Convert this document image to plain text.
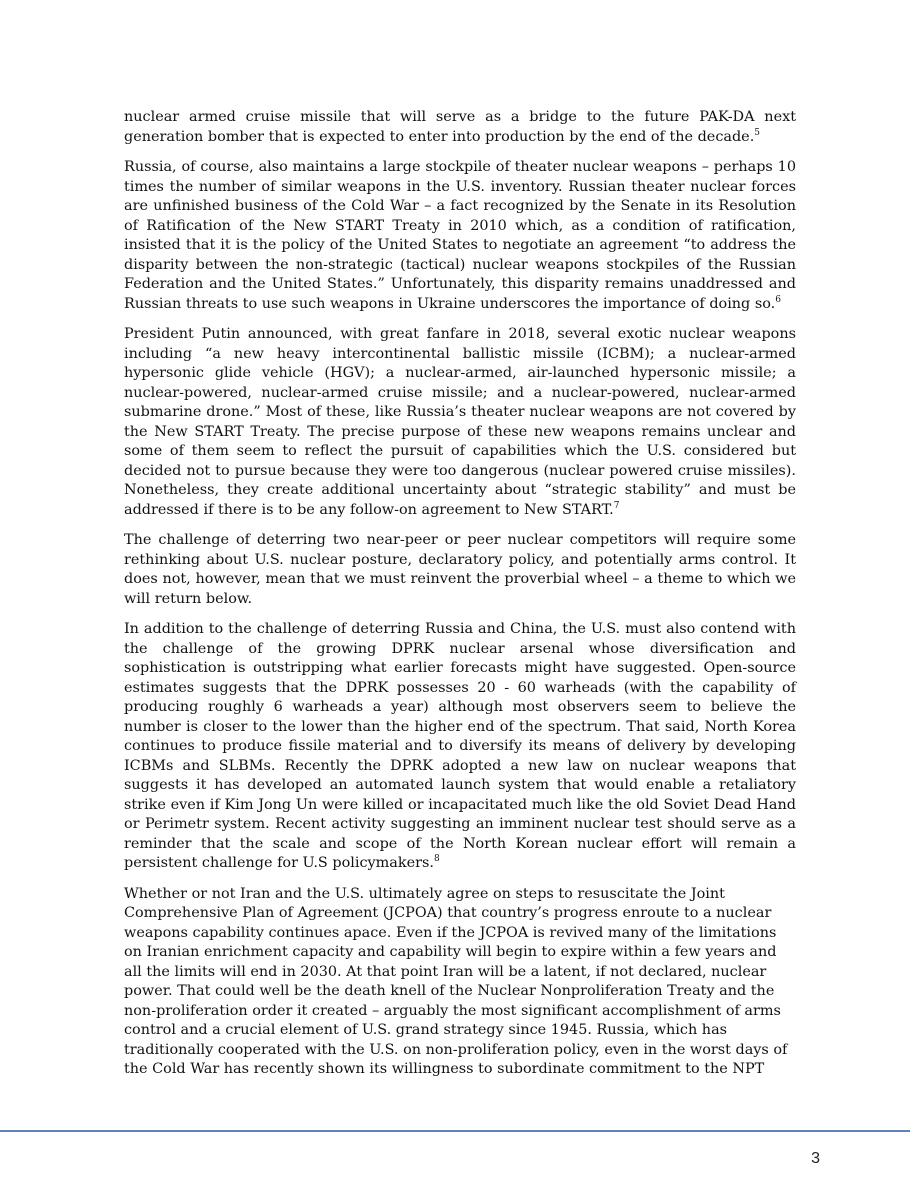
nuclear armed cruise missile that will serve as a bridge to the future PAK-DA next generation bomber that is expected to enter into production by the end of the decade.$^5$

Russia, of course, also maintains a large stockpile of theater nuclear weapons – perhaps 10 times the number of similar weapons in the U.S. inventory. Russian theater nuclear forces are unfinished business of the Cold War – a fact recognized by the Senate in its Resolution of Ratification of the New START Treaty in 2010 which, as a condition of ratification, insisted that it is the policy of the United States to negotiate an agreement “to address the disparity between the non-strategic (tactical) nuclear weapons stockpiles of the Russian Federation and the United States.” Unfortunately, this disparity remains unaddressed and Russian threats to use such weapons in Ukraine underscores the importance of doing so.$^6$

President Putin announced, with great fanfare in 2018, several exotic nuclear weapons including “a new heavy intercontinental ballistic missile (ICBM); a nuclear-armed hypersonic glide vehicle (HGV); a nuclear-armed, air-launched hypersonic missile; a nuclear-powered, nuclear-armed cruise missile; and a nuclear-powered, nuclear-armed submarine drone.” Most of these, like Russia’s theater nuclear weapons are not covered by the New START Treaty. The precise purpose of these new weapons remains unclear and some of them seem to reflect the pursuit of capabilities which the U.S. considered but decided not to pursue because they were too dangerous (nuclear powered cruise missiles). Nonetheless, they create additional uncertainty about “strategic stability” and must be addressed if there is to be any follow-on agreement to New START.$^7$

The challenge of deterring two near-peer or peer nuclear competitors will require some rethinking about U.S. nuclear posture, declaratory policy, and potentially arms control. It does not, however, mean that we must reinvent the proverbial wheel – a theme to which we will return below.

In addition to the challenge of deterring Russia and China, the U.S. must also contend with the challenge of the growing DPRK nuclear arsenal whose diversification and sophistication is outstripping what earlier forecasts might have suggested. Open-source estimates suggests that the DPRK possesses 20 - 60 warheads (with the capability of producing roughly 6 warheads a year) although most observers seem to believe the number is closer to the lower than the higher end of the spectrum. That said, North Korea continues to produce fissile material and to diversify its means of delivery by developing ICBMs and SLBMs. Recently the DPRK adopted a new law on nuclear weapons that suggests it has developed an automated launch system that would enable a retaliatory strike even if Kim Jong Un were killed or incapacitated much like the old Soviet Dead Hand or Perimetr system. Recent activity suggesting an imminent nuclear test should serve as a reminder that the scale and scope of the North Korean nuclear effort will remain a persistent challenge for U.S policymakers.$^8$

Whether or not Iran and the U.S. ultimately agree on steps to resuscitate the Joint Comprehensive Plan of Agreement (JCPOA) that country’s progress enroute to a nuclear weapons capability continues apace. Even if the JCPOA is revived many of the limitations on Iranian enrichment capacity and capability will begin to expire within a few years and all the limits will end in 2030. At that point Iran will be a latent, if not declared, nuclear power. That could well be the death knell of the Nuclear Nonproliferation Treaty and the non-proliferation order it created – arguably the most significant accomplishment of arms control and a crucial element of U.S. grand strategy since 1945. Russia, which has traditionally cooperated with the U.S. on non-proliferation policy, even in the worst days of the Cold War has recently shown its willingness to subordinate commitment to the NPT

3
